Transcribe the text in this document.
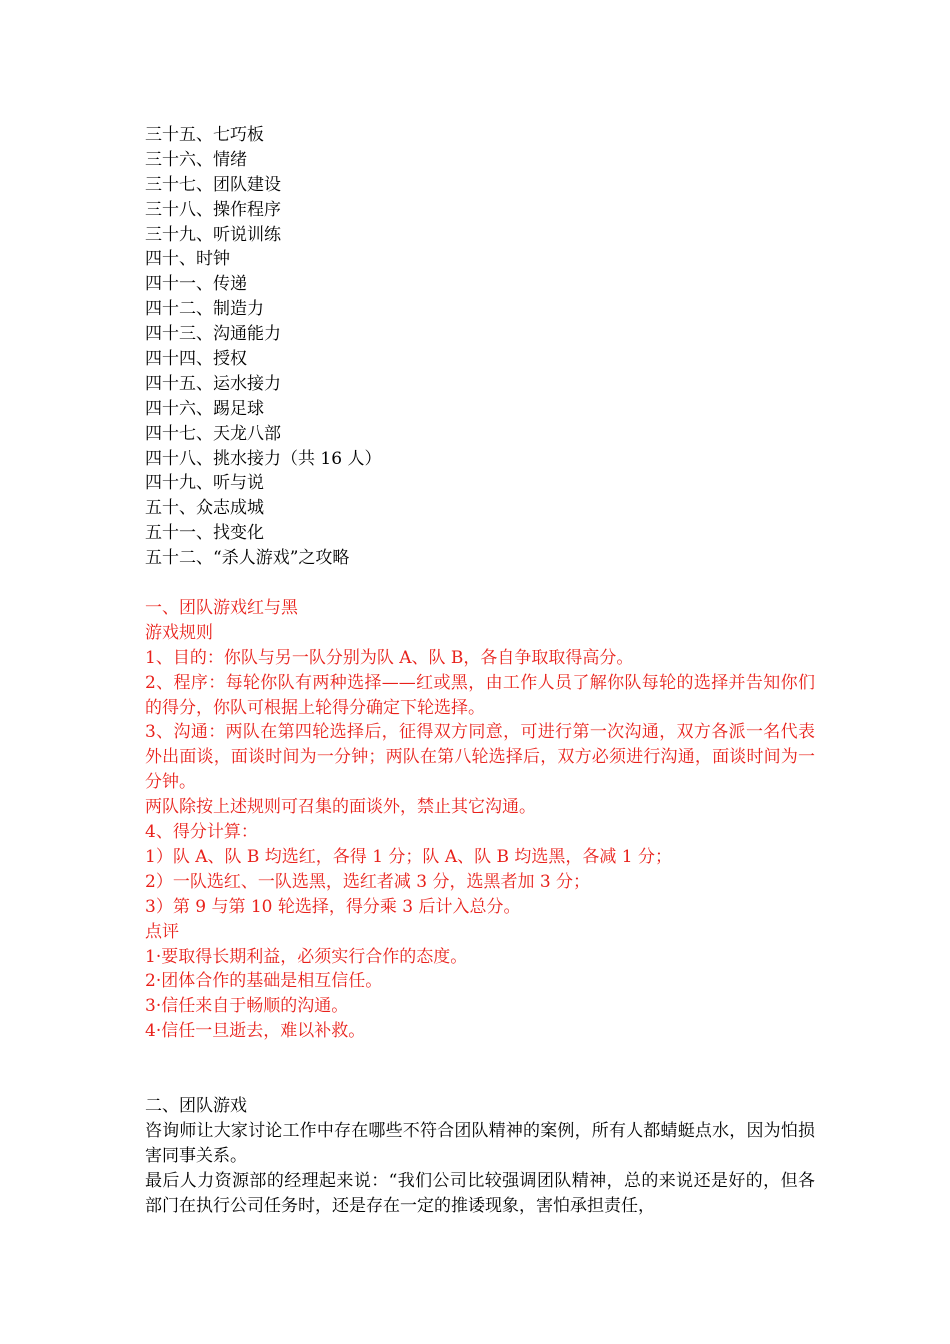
三十五、七巧板
三十六、情绪
三十七、团队建设
三十八、操作程序
三十九、听说训练
四十、时钟
四十一、传递
四十二、制造力
四十三、沟通能力
四十四、授权
四十五、运水接力
四十六、踢足球
四十七、天龙八部
四十八、挑水接力（共 16 人）
四十九、听与说
五十、众志成城
五十一、找变化
五十二、“杀人游戏”之攻略
一、团队游戏红与黑
游戏规则
1、目的：你队与另一队分别为队 A、队 B，各自争取取得高分。
2、程序：每轮你队有两种选择——红或黑，由工作人员了解你队每轮的选择并告知你们的得分，你队可根据上轮得分确定下轮选择。
3、沟通：两队在第四轮选择后，征得双方同意，可进行第一次沟通，双方各派一名代表外出面谈，面谈时间为一分钟；两队在第八轮选择后，双方必须进行沟通，面谈时间为一分钟。
两队除按上述规则可召集的面谈外，禁止其它沟通。
4、得分计算：
1）队 A、队 B 均选红，各得 1 分；队 A、队 B 均选黑，各减 1 分；
2）一队选红、一队选黑，选红者减 3 分，选黑者加 3 分；
3）第 9 与第 10 轮选择，得分乘 3 后计入总分。
点评
1·要取得长期利益，必须实行合作的态度。
2·团体合作的基础是相互信任。
3·信任来自于畅顺的沟通。
4·信任一旦逝去，难以补救。
二、团队游戏
咨询师让大家讨论工作中存在哪些不符合团队精神的案例，所有人都蜻蜓点水，因为怕损害同事关系。
最后人力资源部的经理起来说：“我们公司比较强调团队精神，总的来说还是好的，但各部门在执行公司任务时，还是存在一定的推诿现象，害怕承担责任，
